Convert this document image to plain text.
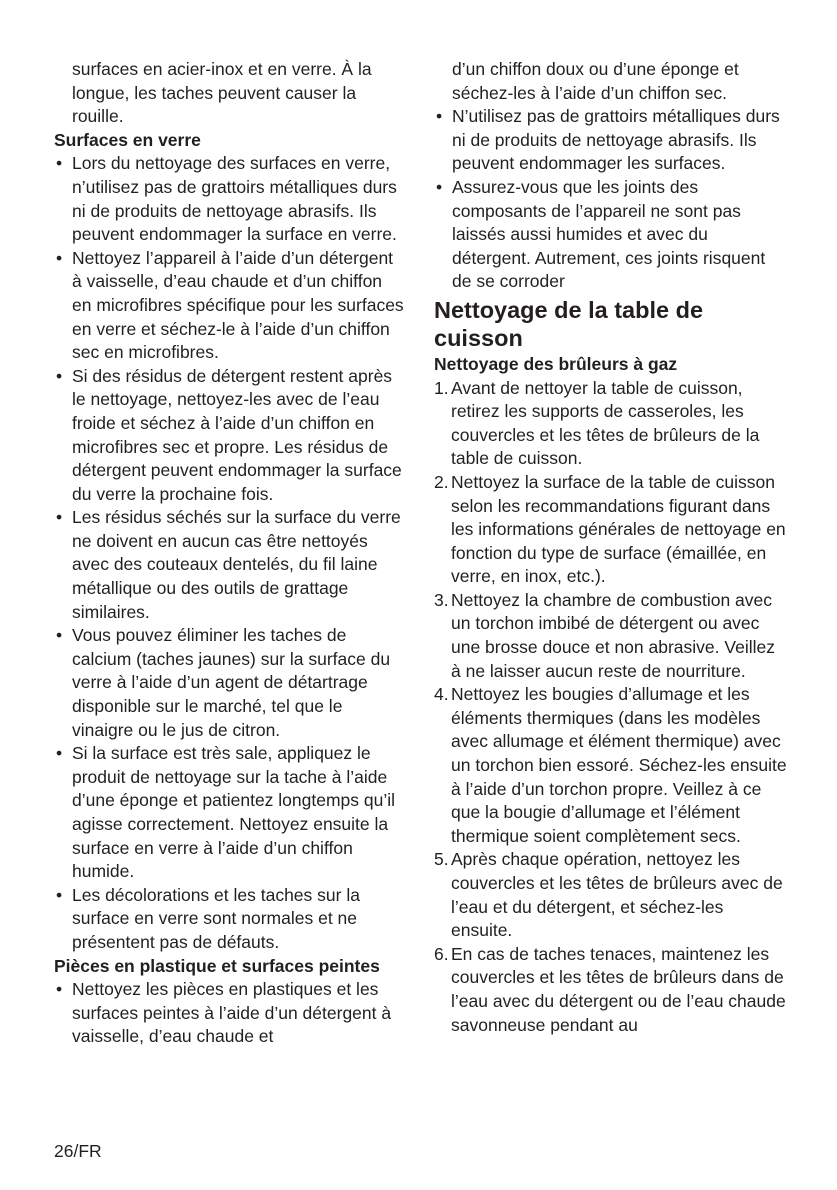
surfaces en acier-inox et en verre. À la longue, les taches peuvent causer la rouille.

Surfaces en verre

• Lors du nettoyage des surfaces en verre, n’utilisez pas de grattoirs métalliques durs ni de produits de nettoyage abrasifs. Ils peuvent endommager la surface en verre.
• Nettoyez l’appareil à l’aide d’un détergent à vaisselle, d’eau chaude et d’un chiffon en microfibres spécifique pour les surfaces en verre et séchez-le à l’aide d’un chiffon sec en microfibres.
• Si des résidus de détergent restent après le nettoyage, nettoyez-les avec de l’eau froide et séchez à l’aide d’un chiffon en microfibres sec et propre. Les résidus de détergent peuvent endommager la surface du verre la prochaine fois.
• Les résidus séchés sur la surface du verre ne doivent en aucun cas être nettoyés avec des couteaux dentelés, du fil laine métallique ou des outils de grattage similaires.
• Vous pouvez éliminer les taches de calcium (taches jaunes) sur la surface du verre à l’aide d’un agent de détartrage disponible sur le marché, tel que le vinaigre ou le jus de citron.
• Si la surface est très sale, appliquez le produit de nettoyage sur la tache à l’aide d’une éponge et patientez longtemps qu’il agisse correctement. Nettoyez ensuite la surface en verre à l’aide d’un chiffon humide.
• Les décolorations et les taches sur la surface en verre sont normales et ne présentent pas de défauts.

Pièces en plastique et surfaces peintes

• Nettoyez les pièces en plastiques et les surfaces peintes à l’aide d’un détergent à vaisselle, d’eau chaude et

d’un chiffon doux ou d’une éponge et séchez-les à l’aide d’un chiffon sec.

• N’utilisez pas de grattoirs métalliques durs ni de produits de nettoyage abrasifs. Ils peuvent endommager les surfaces.
• Assurez-vous que les joints des composants de l’appareil ne sont pas laissés aussi humides et avec du détergent. Autrement, ces joints risquent de se corroder

Nettoyage de la table de cuisson

Nettoyage des brûleurs à gaz

1. Avant de nettoyer la table de cuisson, retirez les supports de casseroles, les couvercles et les têtes de brûleurs de la table de cuisson.
2. Nettoyez la surface de la table de cuisson selon les recommandations figurant dans les informations générales de nettoyage en fonction du type de surface (émaillée, en verre, en inox, etc.).
3. Nettoyez la chambre de combustion avec un torchon imbibé de détergent ou avec une brosse douce et non abrasive. Veillez à ne laisser aucun reste de nourriture.
4. Nettoyez les bougies d’allumage et les éléments thermiques (dans les modèles avec allumage et élément thermique) avec un torchon bien essoré. Séchez-les ensuite à l’aide d’un torchon propre. Veillez à ce que la bougie d’allumage et l’élément thermique soient complètement secs.
5. Après chaque opération, nettoyez les couvercles et les têtes de brûleurs avec de l’eau et du détergent, et séchez-les ensuite.
6. En cas de taches tenaces, maintenez les couvercles et les têtes de brûleurs dans de l’eau avec du détergent ou de l’eau chaude savonneuse pendant au
26/FR
